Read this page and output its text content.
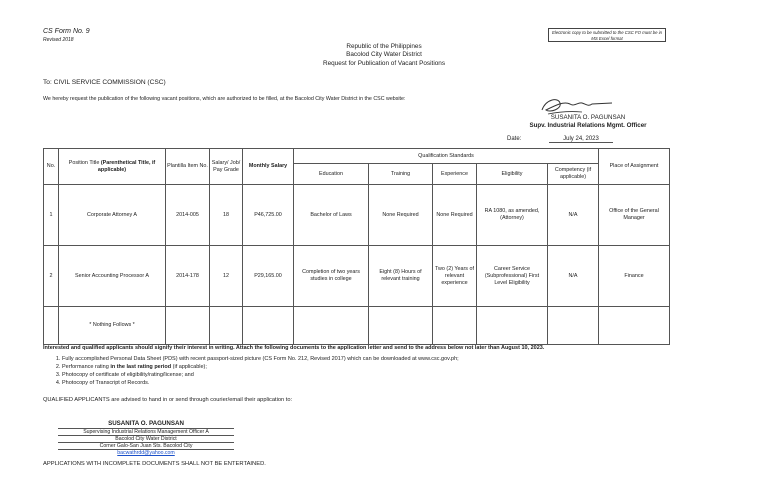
CS Form No. 9
Revised 2018
Electronic copy to be submitted to the CSC FO must be in MS Excel format
Republic of the Philippines
Bacolod City Water District
Request for Publication of Vacant Positions
To: CIVIL SERVICE COMMISSION (CSC)
We hereby request the publication of the following vacant positions, which are authorized to be filled, at the Bacolod City Water District in the CSC website:
SUSANITA O. PAGUNSAN
Supv. Industrial Relations Mgmt. Officer
Date:	July 24, 2023
No.	Position Title (Parenthetical Title, if applicable)	Plantilla Item No.	Salary/ Job/ Pay Grade	Monthly Salary	Qualification Standards					Place of Assignment
					Education	Training	Experience	Eligibility	Competency (if applicable)	
1	Corporate Attorney A	2014-005	18	P46,725.00	Bachelor of Laws	None Required	None Required	RA 1080, as amended, (Attorney)	N/A	Office of the General Manager
2	Senior Accounting Processor A	2014-178	12	P29,165.00	Completion of two years studies in college	Eight (8) Hours of relevant training	Two (2) Years of relevant experience	Career Service (Subprofessional) First Level Eligibility	N/A	Finance
	* Nothing Follows *									
Interested and qualified applicants should signify their interest in writing. Attach the following documents to the application letter and send to the address below not later than August 10, 2023.
1. Fully accomplished Personal Data Sheet (PDS) with recent passport-sized picture (CS Form No. 212, Revised 2017) which can be downloaded at www.csc.gov.ph;
2. Performance rating in the last rating period (if applicable);
3. Photocopy of certificate of eligibility/rating/license; and
4. Photocopy of Transcript of Records.
QUALIFIED APPLICANTS are advised to hand in or send through courier/email their application to:
SUSANITA O. PAGUNSAN
Supervising Industrial Relations Management Officer A
Bacolod City Water District
Corner Galo-San Juan Sts. Bacolod City
bacwathrdd@yahoo.com
APPLICATIONS WITH INCOMPLETE DOCUMENTS SHALL NOT BE ENTERTAINED.
